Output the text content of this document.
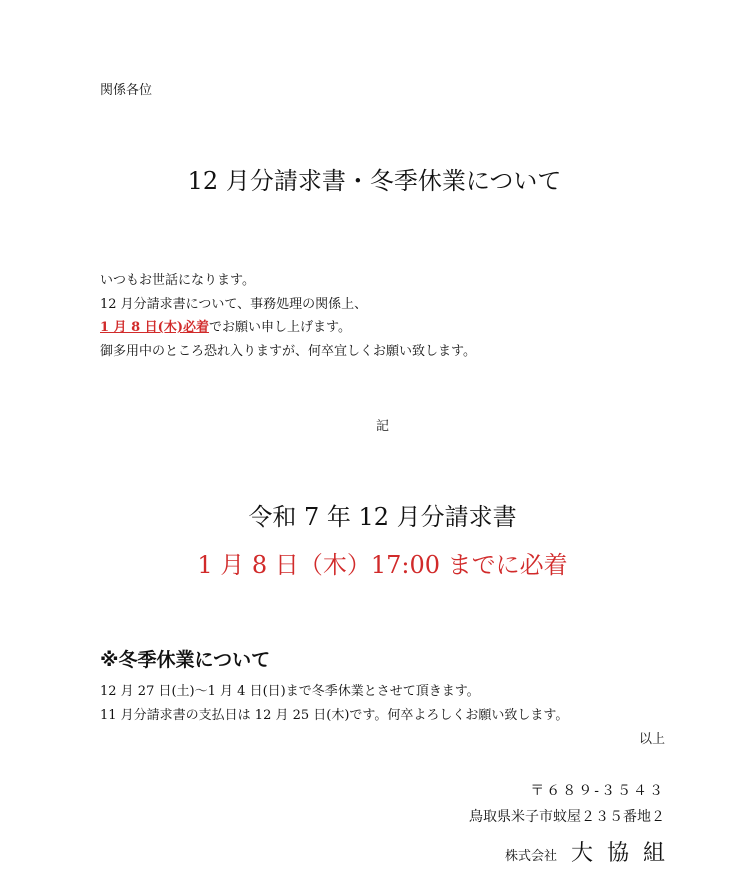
関係各位
12 月分請求書・冬季休業について
いつもお世話になります。
12 月分請求書について、事務処理の関係上、
1 月 8 日(木)必着でお願い申し上げます。
御多用中のところ恐れ入りますが、何卒宜しくお願い致します。
記
令和 7 年 12 月分請求書
1 月 8 日（木）17:00 までに必着
※冬季休業について
12 月 27 日(土)～1 月 4 日(日)まで冬季休業とさせて頂きます。
11 月分請求書の支払日は 12 月 25 日(木)です。何卒よろしくお願い致します。
以上
〒６８９-３５４３
鳥取県米子市蚊屋２３５番地２
株式会社 大協組
